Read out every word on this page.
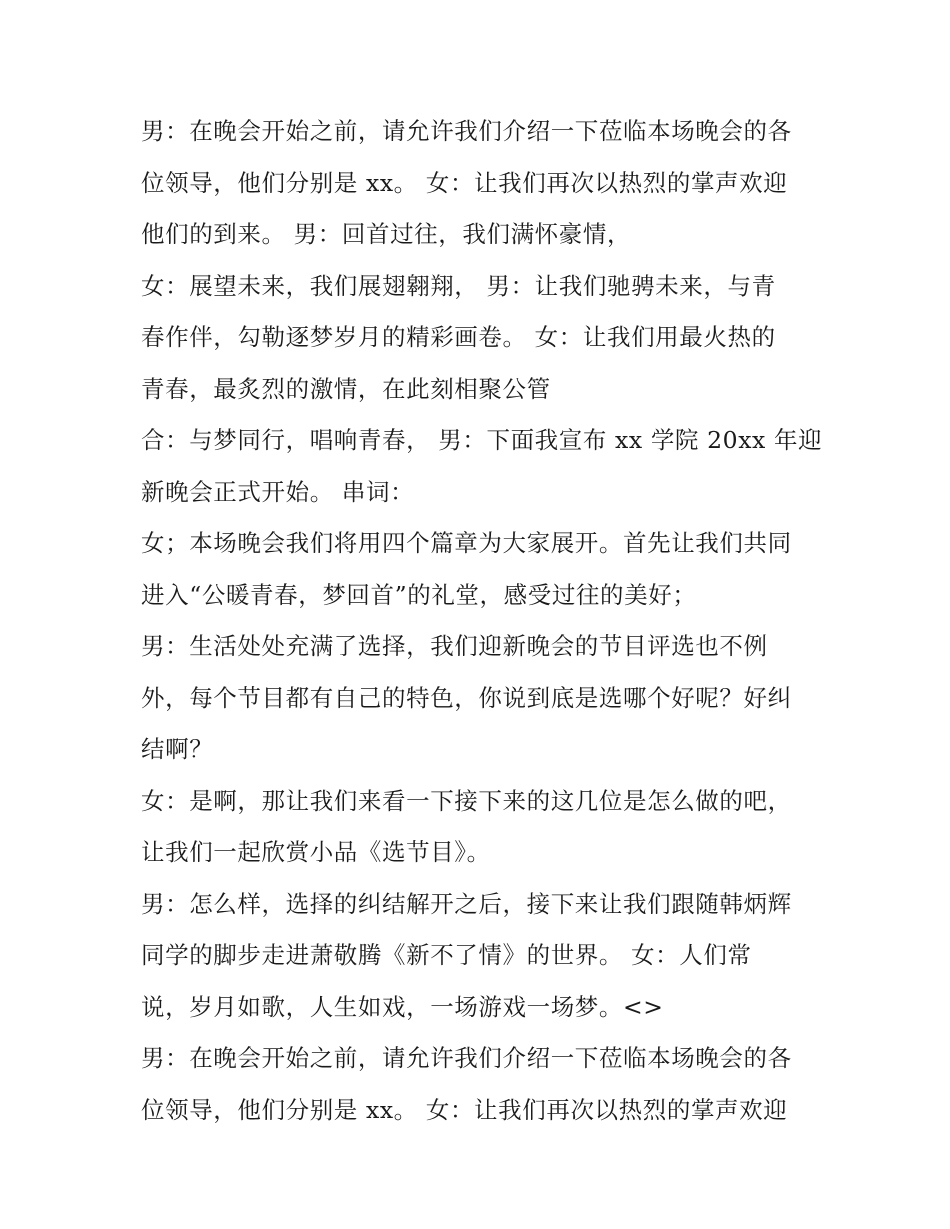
男：在晚会开始之前，请允许我们介绍一下莅临本场晚会的各
位领导，他们分别是 xx。 女：让我们再次以热烈的掌声欢迎
他们的到来。 男：回首过往，我们满怀豪情，
女：展望未来，我们展翅翱翔， 男：让我们驰骋未来，与青
春作伴，勾勒逐梦岁月的精彩画卷。 女：让我们用最火热的
青春，最炙烈的激情，在此刻相聚公管
合：与梦同行，唱响青春， 男：下面我宣布 xx 学院 20xx 年迎
新晚会正式开始。 串词：
女；本场晚会我们将用四个篇章为大家展开。首先让我们共同
进入“公暖青春，梦回首”的礼堂，感受过往的美好；
男：生活处处充满了选择，我们迎新晚会的节目评选也不例
外，每个节目都有自己的特色，你说到底是选哪个好呢？好纠
结啊？
女：是啊，那让我们来看一下接下来的这几位是怎么做的吧，
让我们一起欣赏小品《选节目》。
男：怎么样，选择的纠结解开之后，接下来让我们跟随韩炳辉
同学的脚步走进萧敬腾《新不了情》的世界。 女：人们常
说，岁月如歌，人生如戏，一场游戏一场梦。<>
男：在晚会开始之前，请允许我们介绍一下莅临本场晚会的各
位领导，他们分别是 xx。 女：让我们再次以热烈的掌声欢迎
